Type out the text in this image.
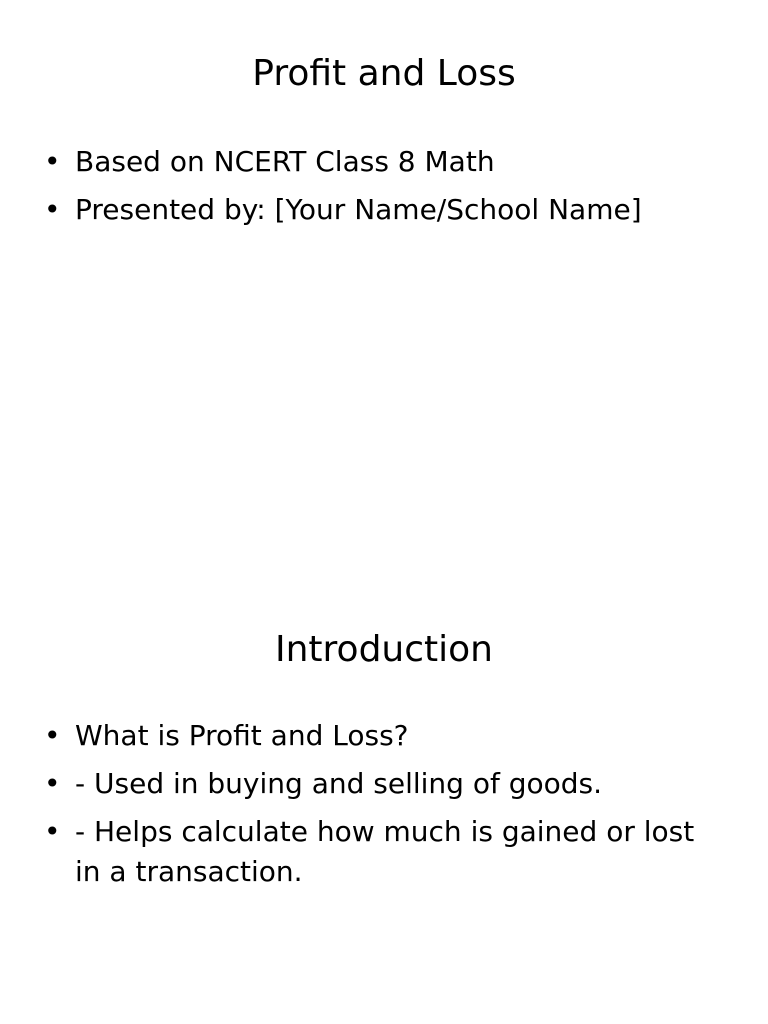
Profit and Loss
• Based on NCERT Class 8 Math
• Presented by: [Your Name/School Name]
Introduction
• What is Profit and Loss?
• - Used in buying and selling of goods.
• - Helps calculate how much is gained or lost in a transaction.
